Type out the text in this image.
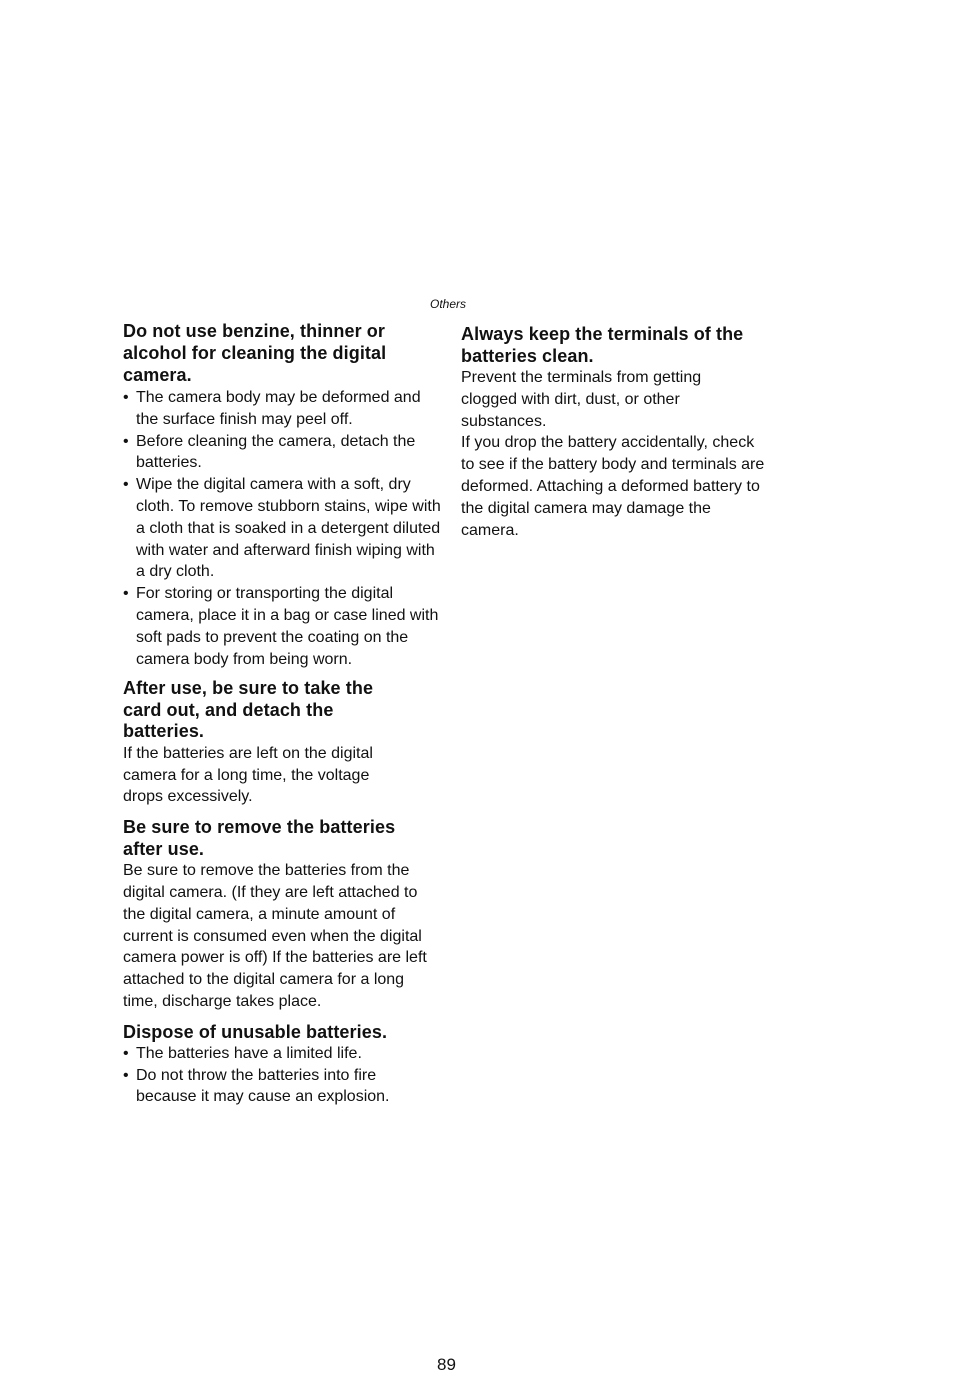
Others

Do not use benzine, thinner or alcohol for cleaning the digital camera.

• The camera body may be deformed and the surface finish may peel off.
• Before cleaning the camera, detach the batteries.
• Wipe the digital camera with a soft, dry cloth. To remove stubborn stains, wipe with a cloth that is soaked in a detergent diluted with water and afterward finish wiping with a dry cloth.
• For storing or transporting the digital camera, place it in a bag or case lined with soft pads to prevent the coating on the camera body from being worn.

After use, be sure to take the card out, and detach the batteries.

If the batteries are left on the digital camera for a long time, the voltage drops excessively.

Be sure to remove the batteries after use.

Be sure to remove the batteries from the digital camera. (If they are left attached to the digital camera, a minute amount of current is consumed even when the digital camera power is off) If the batteries are left attached to the digital camera for a long time, discharge takes place.

Dispose of unusable batteries.

• The batteries have a limited life.
• Do not throw the batteries into fire because it may cause an explosion.

Always keep the terminals of the batteries clean.

Prevent the terminals from getting clogged with dirt, dust, or other substances.

If you drop the battery accidentally, check to see if the battery body and terminals are deformed. Attaching a deformed battery to the digital camera may damage the camera.

89
